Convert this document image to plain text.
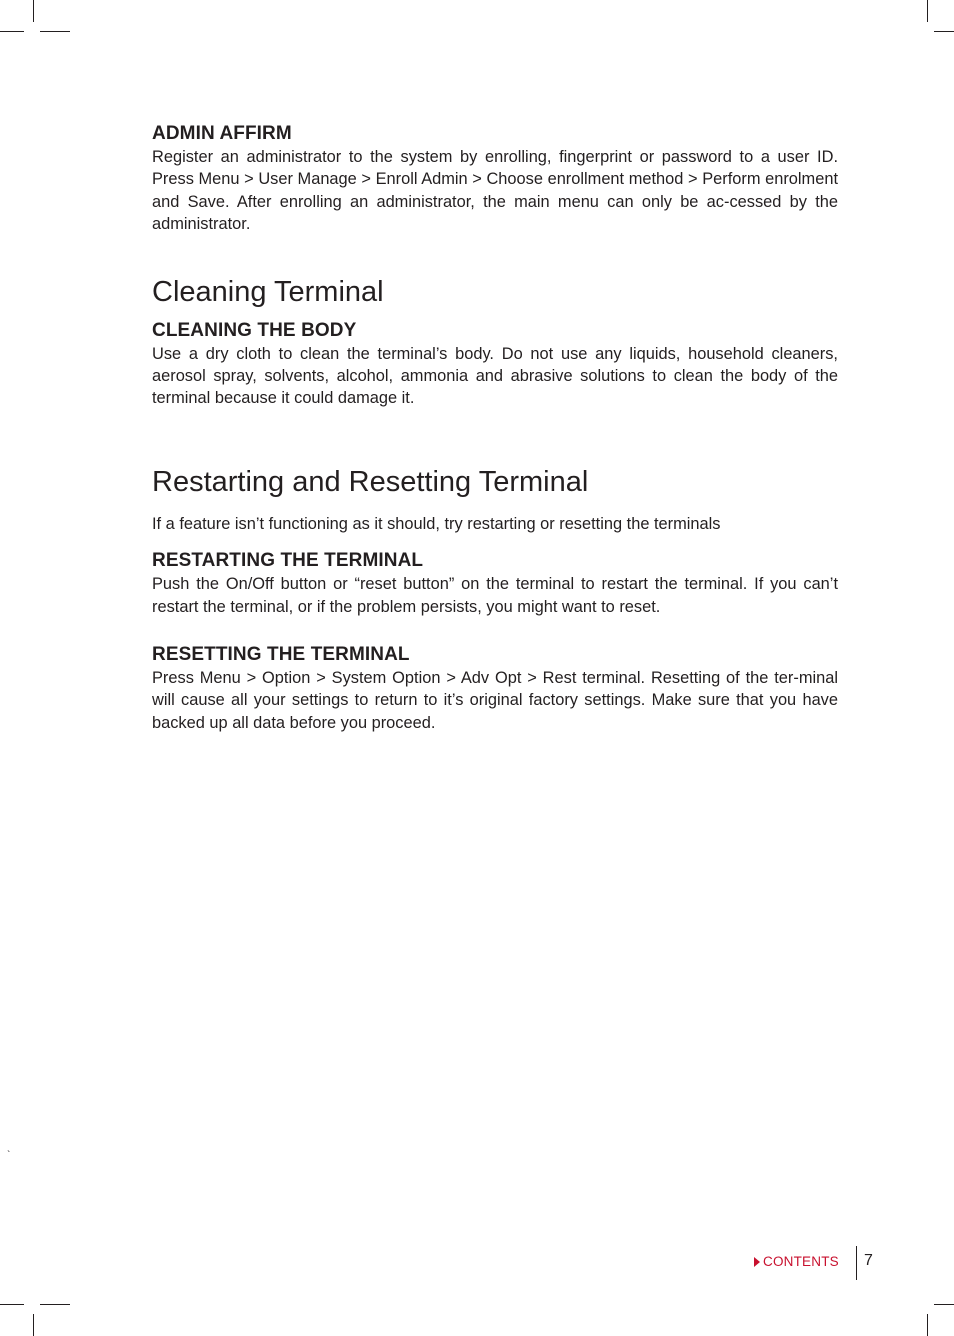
ADMIN AFFIRM

Register an administrator to the system by enrolling, fingerprint or password to a user ID. Press Menu > User Manage > Enroll Admin > Choose enrollment method > Perform enrolment and Save. After enrolling an administrator, the main menu can only be ac-cessed by the administrator.

Cleaning Terminal
CLEANING THE BODY

Use a dry cloth to clean the terminal’s body. Do not use any liquids, household cleaners, aerosol spray, solvents, alcohol, ammonia and abrasive solutions to clean the body of the terminal because it could damage it.

Restarting and Resetting Terminal

If a feature isn’t functioning as it should, try restarting or resetting the terminals

RESTARTING THE TERMINAL

Push the On/Off button or “reset button” on the terminal to restart the terminal. If you can’t restart the terminal, or if the problem persists, you might want to reset.

RESETTING THE TERMINAL

Press Menu > Option > System Option > Adv Opt > Rest terminal. Resetting of the ter-minal will cause all your settings to return to it’s original factory settings. Make sure that you have backed up all data before you proceed.

`
CONTENTS 7
